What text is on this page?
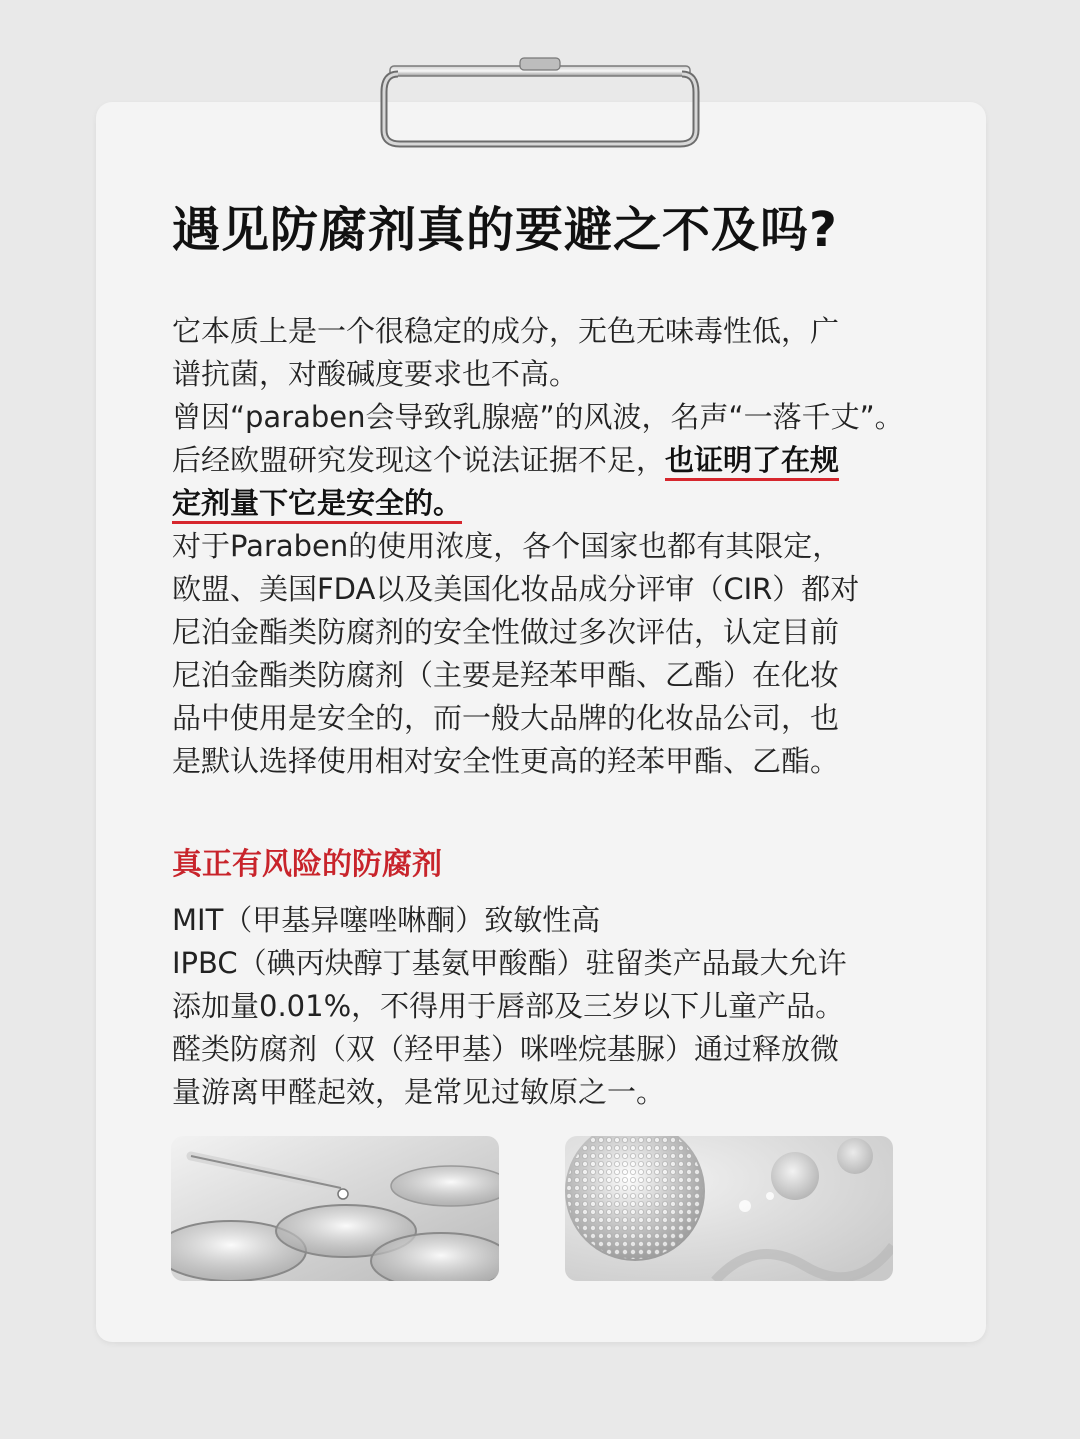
遇见防腐剂真的要避之不及吗?
它本质上是一个很稳定的成分，无色无味毒性低，广
谱抗菌，对酸碱度要求也不高。
曾因“paraben会导致乳腺癌”的风波，名声“一落千丈”。
后经欧盟研究发现这个说法证据不足，也证明了在规
定剂量下它是安全的。
对于Paraben的使用浓度，各个国家也都有其限定，
欧盟、美国FDA以及美国化妆品成分评审（CIR）都对
尼泊金酯类防腐剂的安全性做过多次评估，认定目前
尼泊金酯类防腐剂（主要是羟苯甲酯、乙酯）在化妆
品中使用是安全的，而一般大品牌的化妆品公司，也
是默认选择使用相对安全性更高的羟苯甲酯、乙酯。
真正有风险的防腐剂
MIT（甲基异噻唑啉酮）致敏性高
IPBC（碘丙炔醇丁基氨甲酸酯）驻留类产品最大允许
添加量0.01%，不得用于唇部及三岁以下儿童产品。
醛类防腐剂（双（羟甲基）咪唑烷基脲）通过释放微
量游离甲醛起效，是常见过敏原之一。
